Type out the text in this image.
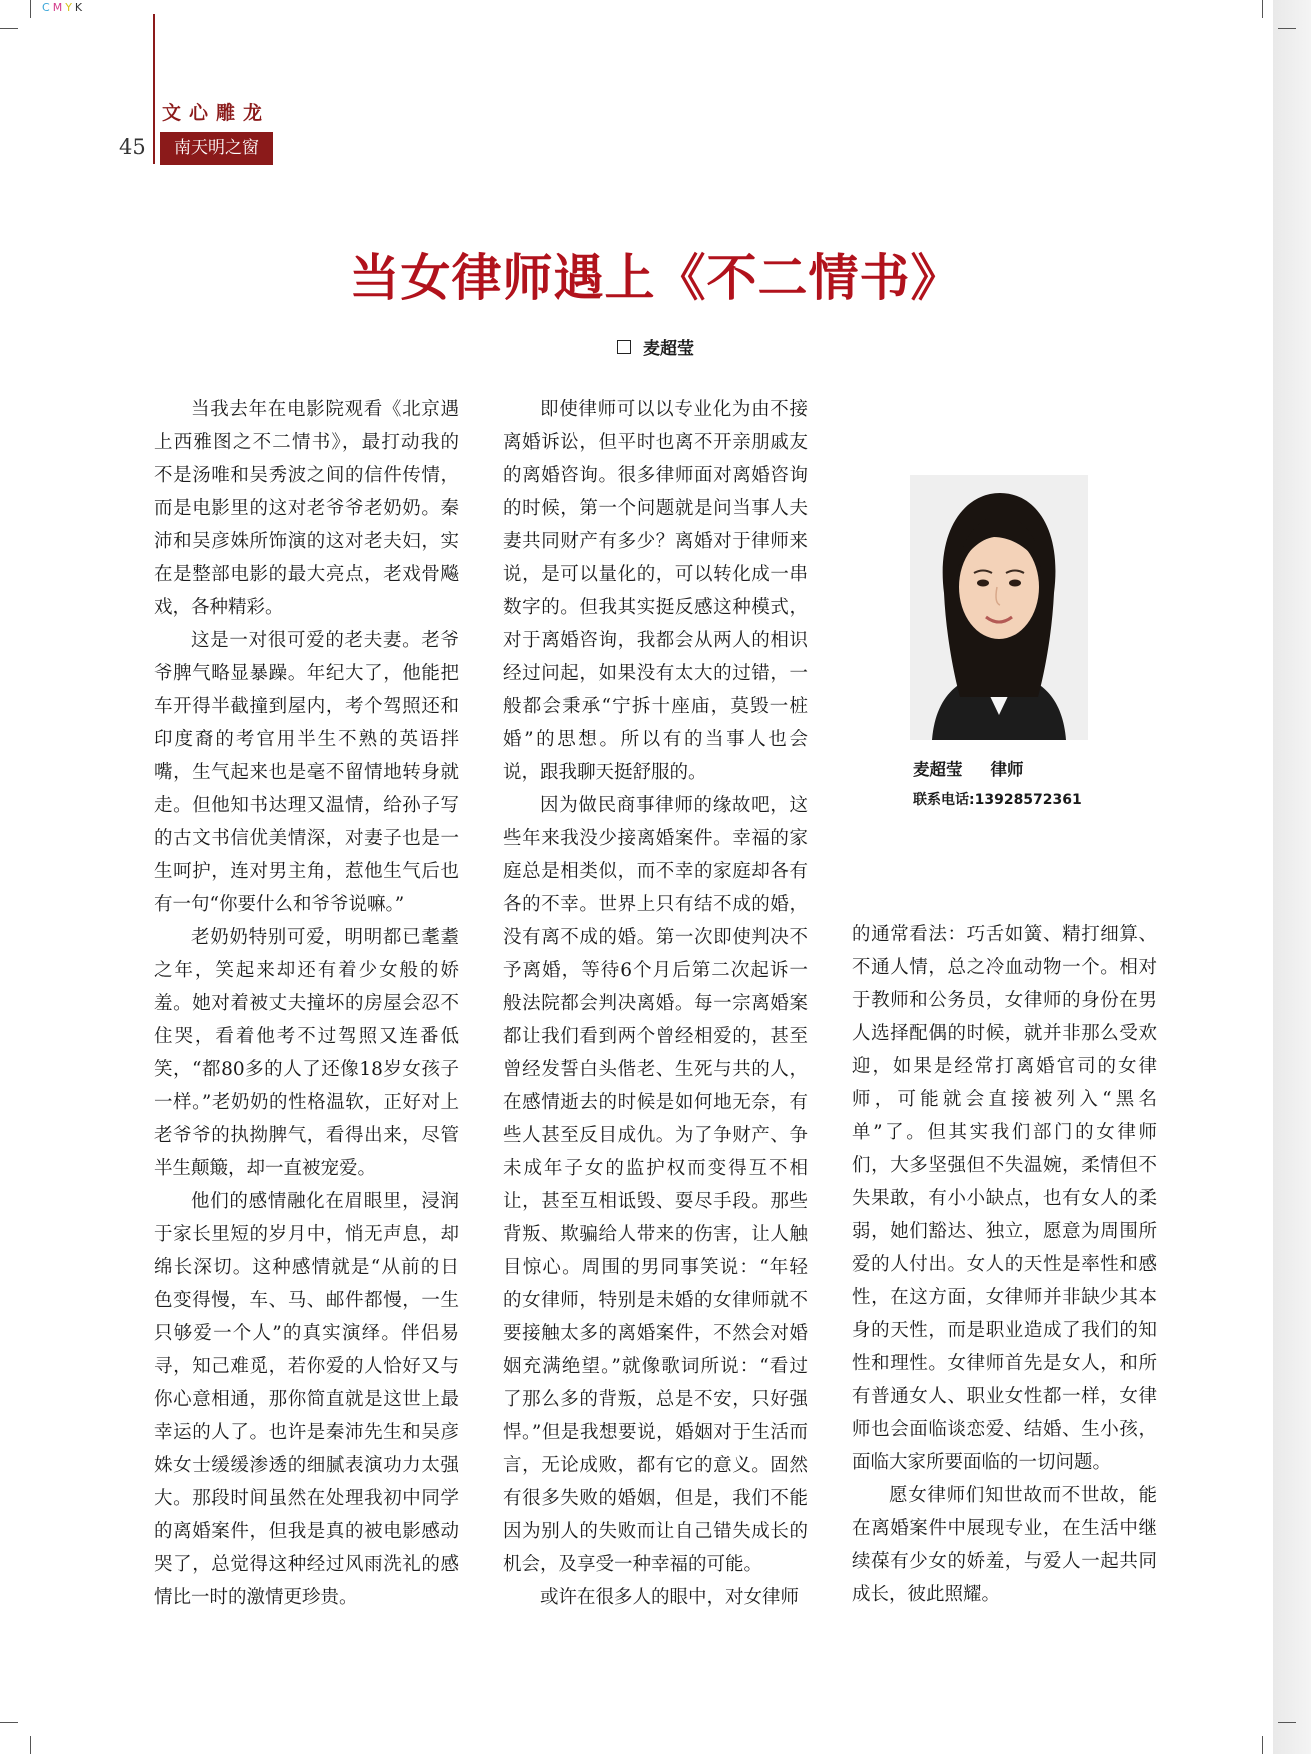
CMYK
文心雕龙
45	南天明之窗
当女律师遇上《不二情书》
麦超莹

当我去年在电影院观看《北京遇上西雅图之不二情书》，最打动我的不是汤唯和吴秀波之间的信件传情，而是电影里的这对老爷爷老奶奶。秦沛和吴彦姝所饰演的这对老夫妇，实在是整部电影的最大亮点，老戏骨飚戏，各种精彩。

这是一对很可爱的老夫妻。老爷爷脾气略显暴躁。年纪大了，他能把车开得半截撞到屋内，考个驾照还和印度裔的考官用半生不熟的英语拌嘴，生气起来也是毫不留情地转身就走。但他知书达理又温情，给孙子写的古文书信优美情深，对妻子也是一生呵护，连对男主角，惹他生气后也有一句“你要什么和爷爷说嘛。”

老奶奶特别可爱，明明都已耄耋之年，笑起来却还有着少女般的娇羞。她对着被丈夫撞坏的房屋会忍不住哭，看着他考不过驾照又连番低笑，“都80多的人了还像18岁女孩子一样。”老奶奶的性格温软，正好对上老爷爷的执拗脾气，看得出来，尽管半生颠簸，却一直被宠爱。

他们的感情融化在眉眼里，浸润于家长里短的岁月中，悄无声息，却绵长深切。这种感情就是“从前的日色变得慢，车、马、邮件都慢，一生只够爱一个人”的真实演绎。伴侣易寻，知己难觅，若你爱的人恰好又与你心意相通，那你简直就是这世上最幸运的人了。也许是秦沛先生和吴彦姝女士缓缓渗透的细腻表演功力太强大。那段时间虽然在处理我初中同学的离婚案件，但我是真的被电影感动哭了，总觉得这种经过风雨洗礼的感情比一时的激情更珍贵。

即使律师可以以专业化为由不接离婚诉讼，但平时也离不开亲朋戚友的离婚咨询。很多律师面对离婚咨询的时候，第一个问题就是问当事人夫妻共同财产有多少？离婚对于律师来说，是可以量化的，可以转化成一串数字的。但我其实挺反感这种模式，对于离婚咨询，我都会从两人的相识经过问起，如果没有太大的过错，一般都会秉承“宁拆十座庙，莫毁一桩婚”的思想。所以有的当事人也会说，跟我聊天挺舒服的。

因为做民商事律师的缘故吧，这些年来我没少接离婚案件。幸福的家庭总是相类似，而不幸的家庭却各有各的不幸。世界上只有结不成的婚，没有离不成的婚。第一次即使判决不予离婚，等待6个月后第二次起诉一般法院都会判决离婚。每一宗离婚案都让我们看到两个曾经相爱的，甚至曾经发誓白头偕老、生死与共的人，在感情逝去的时候是如何地无奈，有些人甚至反目成仇。为了争财产、争未成年子女的监护权而变得互不相让，甚至互相诋毁、耍尽手段。那些背叛、欺骗给人带来的伤害，让人触目惊心。周围的男同事笑说：“年轻的女律师，特别是未婚的女律师就不要接触太多的离婚案件，不然会对婚姻充满绝望。”就像歌词所说：“看过了那么多的背叛，总是不安，只好强悍。”但是我想要说，婚姻对于生活而言，无论成败，都有它的意义。固然有很多失败的婚姻，但是，我们不能因为别人的失败而让自己错失成长的机会，及享受一种幸福的可能。

或许在很多人的眼中，对女律师

的通常看法：巧舌如簧、精打细算、不通人情，总之冷血动物一个。相对于教师和公务员，女律师的身份在男人选择配偶的时候，就并非那么受欢迎，如果是经常打离婚官司的女律师，可能就会直接被列入“黑名单”了。但其实我们部门的女律师们，大多坚强但不失温婉，柔情但不失果敢，有小小缺点，也有女人的柔弱，她们豁达、独立，愿意为周围所爱的人付出。女人的天性是率性和感性，在这方面，女律师并非缺少其本身的天性，而是职业造成了我们的知性和理性。女律师首先是女人，和所有普通女人、职业女性都一样，女律师也会面临谈恋爱、结婚、生小孩，面临大家所要面临的一切问题。

愿女律师们知世故而不世故，能在离婚案件中展现专业，在生活中继续葆有少女的娇羞，与爱人一起共同成长，彼此照耀。

麦超莹 律师
联系电话:13928572361
